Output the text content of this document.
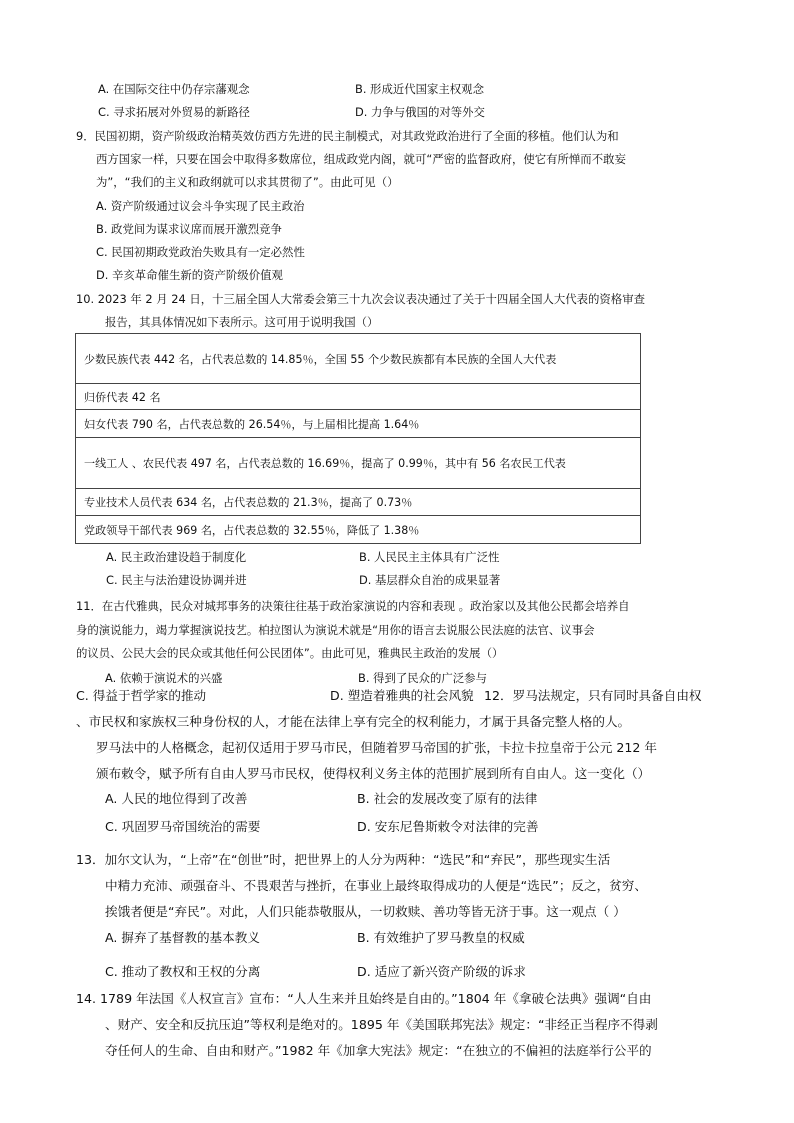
A. 在国际交往中仍存宗藩观念	B. 形成近代国家主权观念
C. 寻求拓展对外贸易的新路径	D. 力争与俄国的对等外交
9．民国初期，资产阶级政治精英效仿西方先进的民主制模式，对其政党政治进行了全面的移植。他们认为和
西方国家一样，只要在国会中取得多数席位，组成政党内阁，就可“严密的监督政府，使它有所惮而不敢妄
为”，“我们的主义和政纲就可以求其贯彻了”。由此可见（）
A. 资产阶级通过议会斗争实现了民主政治
B. 政党间为谋求议席而展开激烈竞争
C. 民国初期政党政治失败具有一定必然性
D. 辛亥革命催生新的资产阶级价值观
10. 2023 年 2 月 24 日，十三届全国人大常委会第三十九次会议表决通过了关于十四届全国人大代表的资格审查
报告，其具体情况如下表所示。这可用于说明我国（）
少数民族代表 442 名，占代表总数的 14.85％，全国 55 个少数民族都有本民族的全国人大代表
归侨代表 42 名
妇女代表 790 名，占代表总数的 26.54％，与上届相比提高 1.64％
一线工人 、农民代表 497 名，占代表总数的 16.69％，提高了 0.99％，其中有 56 名农民工代表
专业技术人员代表 634 名，占代表总数的 21.3％，提高了 0.73％
党政领导干部代表 969 名，占代表总数的 32.55％，降低了 1.38％
A. 民主政治建设趋于制度化	B. 人民民主主体具有广泛性
C. 民主与法治建设协调并进	D. 基层群众自治的成果显著
11．在古代雅典，民众对城邦事务的决策往往基于政治家演说的内容和表现 。政治家以及其他公民都会培养自
身的演说能力，竭力掌握演说技艺。柏拉图认为演说术就是“用你的语言去说服公民法庭的法官、议事会
的议员、公民大会的民众或其他任何公民团体”。由此可见，雅典民主政治的发展（）
A. 依赖于演说术的兴盛	B. 得到了民众的广泛参与
C. 得益于哲学家的推动	D. 塑造着雅典的社会风貌 12．罗马法规定，只有同时具备自由权
、市民权和家族权三种身份权的人，才能在法律上享有完全的权利能力，才属于具备完整人格的人。
罗马法中的人格概念，起初仅适用于罗马市民，但随着罗马帝国的扩张，卡拉卡拉皇帝于公元 212 年
颁布敕令，赋予所有自由人罗马市民权，使得权利义务主体的范围扩展到所有自由人。这一变化（）
A. 人民的地位得到了改善	B. 社会的发展改变了原有的法律
C. 巩固罗马帝国统治的需要	D. 安东尼鲁斯敕令对法律的完善
13．加尔文认为，“上帝”在“创世”时，把世界上的人分为两种：“选民”和“弃民”，那些现实生活
中精力充沛、顽强奋斗、不畏艰苦与挫折，在事业上最终取得成功的人便是“选民”；反之，贫穷、
挨饿者便是“弃民”。对此，人们只能恭敬服从，一切救赎、善功等皆无济于事。这一观点（ ）
A. 摒弃了基督教的基本教义	B. 有效维护了罗马教皇的权威
C. 推动了教权和王权的分离	D. 适应了新兴资产阶级的诉求
14. 1789 年法国《人权宣言》宣布：“人人生来并且始终是自由的。”1804 年《拿破仑法典》强调“自由
、财产、安全和反抗压迫”等权利是绝对的。1895 年《美国联邦宪法》规定：“非经正当程序不得剥
夺任何人的生命、自由和财产。”1982 年《加拿大宪法》规定：“在独立的不偏袒的法庭举行公平的
